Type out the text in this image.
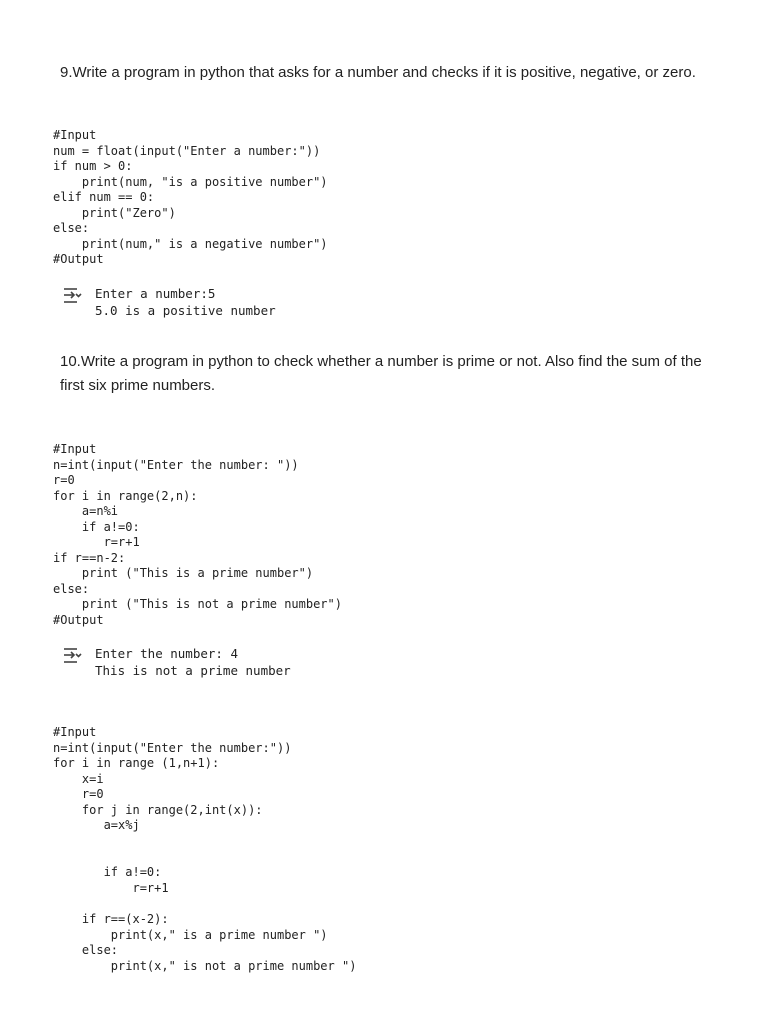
9.Write a program in python that asks for a number and checks if it is positive, negative, or zero.
#Input
num = float(input("Enter a number:"))
if num > 0:
print(num, "is a positive number")
elif num == 0:
print("Zero")
else:
print(num," is a negative number")
#Output
Enter a number:5
5.0 is a positive number
10.Write a program in python to check whether a number is prime or not. Also find the sum of the first six prime numbers.
#Input
n=int(input("Enter the number: "))
r=0
for i in range(2,n):
a=n%i
if a!=0:
r=r+1
if r==n-2:
print ("This is a prime number")
else:
print ("This is not a prime number")
#Output
Enter the number: 4
This is not a prime number
#Input
n=int(input("Enter the number:"))
for i in range (1,n+1):
x=i
r=0
for j in range(2,int(x)):
a=x%j
if a!=0:
r=r+1
if r==(x-2):
print(x," is a prime number ")
else:
print(x," is not a prime number ")
